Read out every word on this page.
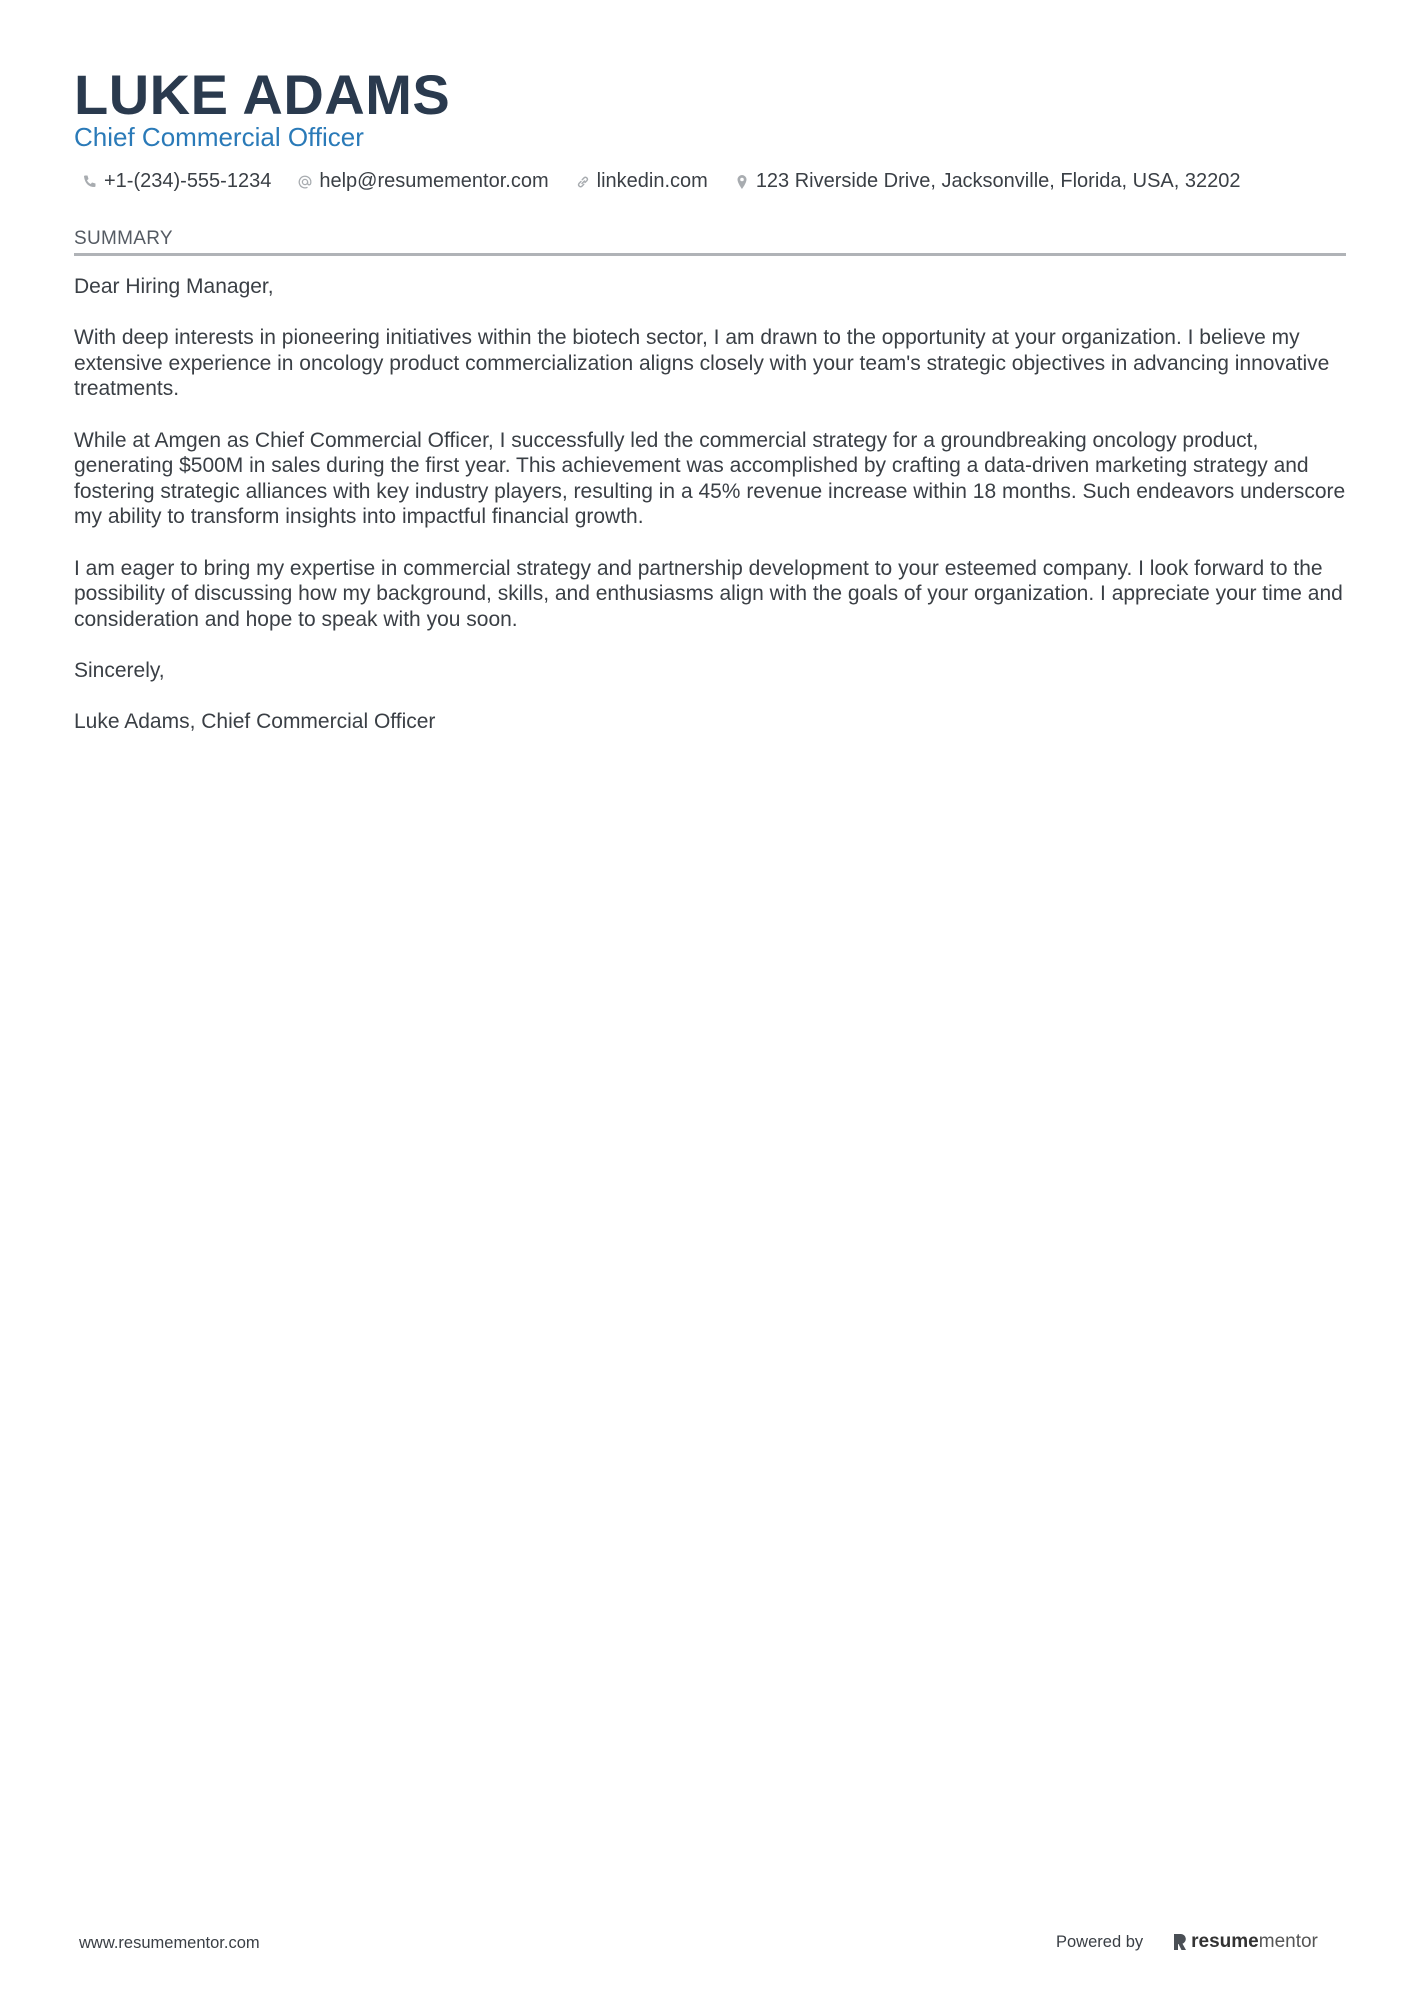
LUKE ADAMS
Chief Commercial Officer
+1-(234)-555-1234 help@resumementor.com linkedin.com 123 Riverside Drive, Jacksonville, Florida, USA, 32202
SUMMARY

Dear Hiring Manager,

With deep interests in pioneering initiatives within the biotech sector, I am drawn to the opportunity at your organization. I believe my extensive experience in oncology product commercialization aligns closely with your team's strategic objectives in advancing innovative treatments.

While at Amgen as Chief Commercial Officer, I successfully led the commercial strategy for a groundbreaking oncology product, generating $500M in sales during the first year. This achievement was accomplished by crafting a data-driven marketing strategy and fostering strategic alliances with key industry players, resulting in a 45% revenue increase within 18 months. Such endeavors underscore my ability to transform insights into impactful financial growth.

I am eager to bring my expertise in commercial strategy and partnership development to your esteemed company. I look forward to the possibility of discussing how my background, skills, and enthusiasms align with the goals of your organization. I appreciate your time and consideration and hope to speak with you soon.

Sincerely,

Luke Adams, Chief Commercial Officer

www.resumementor.com	Powered by	resumementor
